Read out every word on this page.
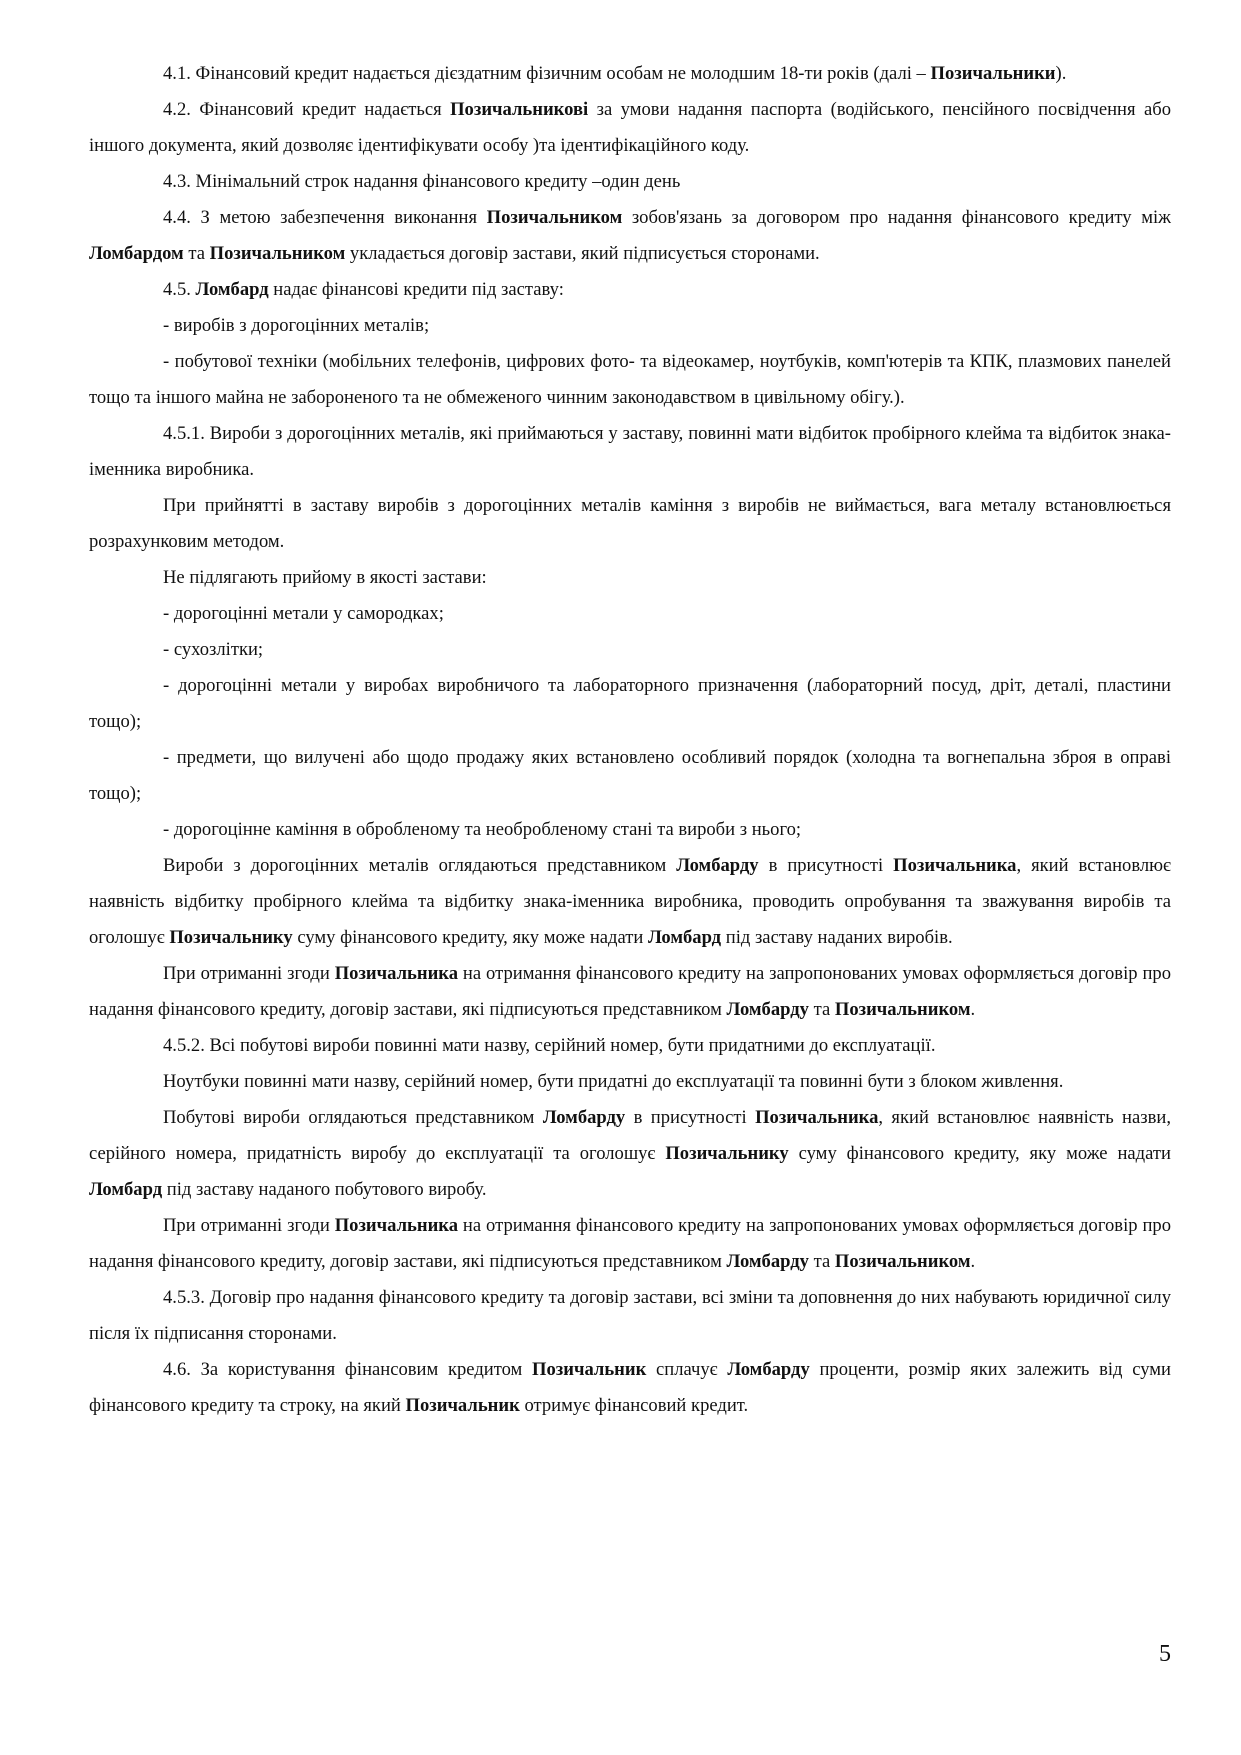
4.1. Фінансовий кредит надається дієздатним фізичним особам не молодшим 18-ти років (далі – Позичальники).

4.2. Фінансовий кредит надається Позичальникові за умови надання паспорта (водійського, пенсійного посвідчення або іншого документа, який дозволяє ідентифікувати особу )та ідентифікаційного коду.

4.3. Мінімальний строк надання фінансового кредиту –один день

4.4. З метою забезпечення виконання Позичальником зобов'язань за договором про надання фінансового кредиту між Ломбардом та Позичальником укладається договір застави, який підписується сторонами.

4.5. Ломбард надає фінансові кредити під заставу:

- виробів з дорогоцінних металів;

- побутової техніки (мобільних телефонів, цифрових фото- та відеокамер, ноутбуків, комп'ютерів та КПК, плазмових панелей тощо та іншого майна не забороненого та не обмеженого чинним законодавством в цивільному обігу.).

4.5.1. Вироби з дорогоцінних металів, які приймаються у заставу, повинні мати відбиток пробірного клейма та відбиток знака-іменника виробника.

При прийнятті в заставу виробів з дорогоцінних металів каміння з виробів не виймається, вага металу встановлюється розрахунковим методом.

Не підлягають прийому в якості застави:

- дорогоцінні метали у самородках;

- сухозлітки;

- дорогоцінні метали у виробах виробничого та лабораторного призначення (лабораторний посуд, дріт, деталі, пластини тощо);

- предмети, що вилучені або щодо продажу яких встановлено особливий порядок (холодна та вогнепальна зброя в оправі тощо);

- дорогоцінне каміння в обробленому та необробленому стані та вироби з нього;

Вироби з дорогоцінних металів оглядаються представником Ломбарду в присутності Позичальника, який встановлює наявність відбитку пробірного клейма та відбитку знака-іменника виробника, проводить опробування та зважування виробів та оголошує Позичальнику суму фінансового кредиту, яку може надати Ломбард під заставу наданих виробів.

При отриманні згоди Позичальника на отримання фінансового кредиту на запропонованих умовах оформляється договір про надання фінансового кредиту, договір застави, які підписуються представником Ломбарду та Позичальником.

4.5.2. Всі побутові вироби повинні мати назву, серійний номер, бути придатними до експлуатації.

Ноутбуки повинні мати назву, серійний номер, бути придатні до експлуатації та повинні бути з блоком живлення.

Побутові вироби оглядаються представником Ломбарду в присутності Позичальника, який встановлює наявність назви, серійного номера, придатність виробу до експлуатації та оголошує Позичальнику суму фінансового кредиту, яку може надати Ломбард під заставу наданого побутового виробу.

При отриманні згоди Позичальника на отримання фінансового кредиту на запропонованих умовах оформляється договір про надання фінансового кредиту, договір застави, які підписуються представником Ломбарду та Позичальником.

4.5.3. Договір про надання фінансового кредиту та договір застави, всі зміни та доповнення до них набувають юридичної силу після їх підписання сторонами.

4.6. За користування фінансовим кредитом Позичальник сплачує Ломбарду проценти, розмір яких залежить від суми фінансового кредиту та строку, на який Позичальник отримує фінансовий кредит.

5
